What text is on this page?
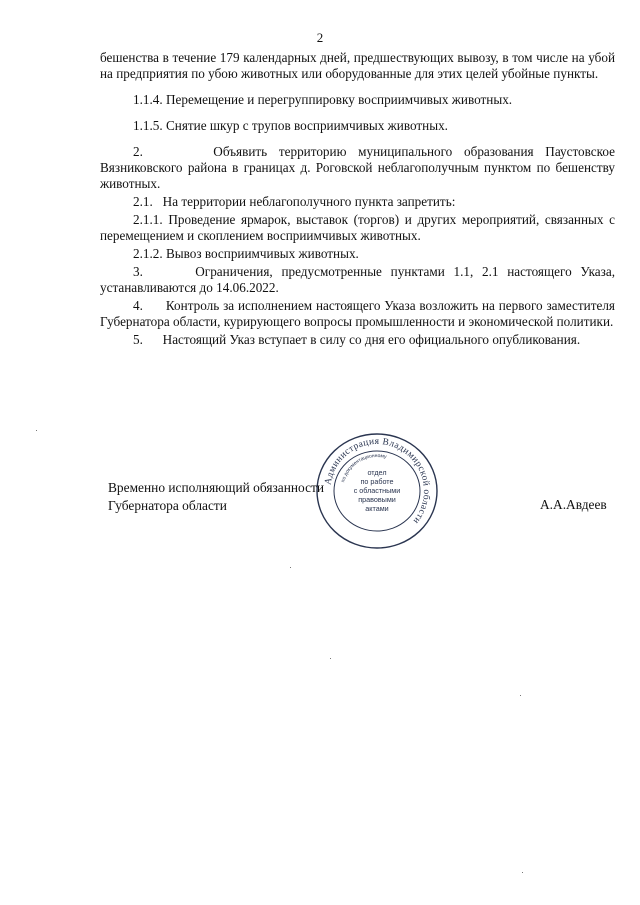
2

бешенства в течение 179 календарных дней, предшествующих вывозу, в том числе на убой на предприятия по убою животных или оборудованные для этих целей убойные пункты.

1.1.4. Перемещение и перегруппировку восприимчивых животных.

1.1.5. Снятие шкур с трупов восприимчивых животных.

2.      Объявить территорию муниципального образования Паустовское Вязниковского района в границах д. Роговской неблагополучным пунктом по бешенству животных.

2.1.   На территории неблагополучного пункта запретить:

2.1.1. Проведение ярмарок, выставок (торгов) и других мероприятий, связанных с перемещением и скоплением восприимчивых животных.

2.1.2. Вывоз восприимчивых животных.

3.      Ограничения, предусмотренные пунктами 1.1, 2.1 настоящего Указа, устанавливаются до 14.06.2022.

4.      Контроль за исполнением настоящего Указа возложить на первого заместителя Губернатора области, курирующего вопросы промышленности и экономической политики.

5.      Настоящий Указ вступает в силу со дня его официального опубликования.

Администрация Владимирской области
по документационному
отдел
по работе
с областными
правовыми
актами
Временно исполняющий обязанности
Губернатора области	А.А.Авдеев
